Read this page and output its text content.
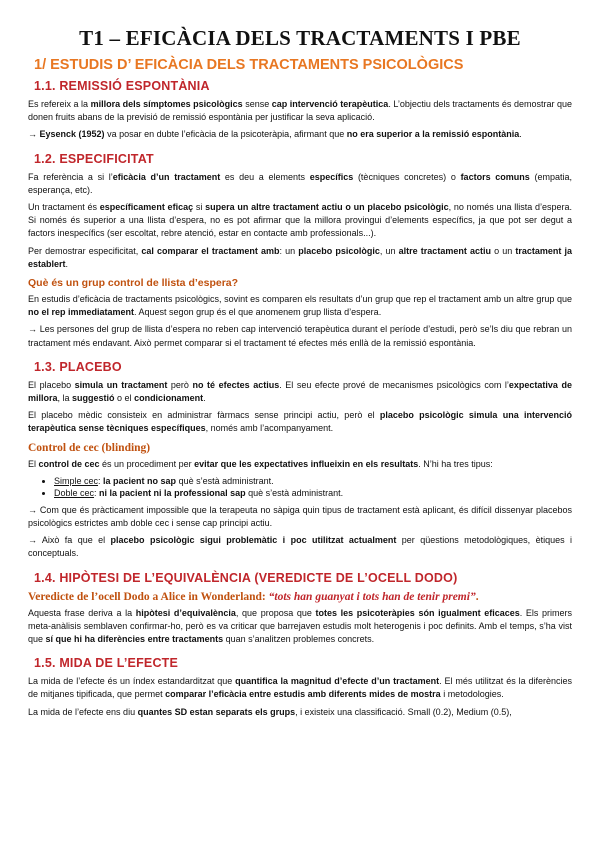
T1 – EFICÀCIA DELS TRACTAMENTS I PBE
1/ ESTUDIS D’ EFICÀCIA DELS TRACTAMENTS PSICOLÒGICS
1.1. REMISSIÓ ESPONTÀNIA

Es refereix a la millora dels símptomes psicològics sense cap intervenció terapèutica. L’objectiu dels tractaments és demostrar que donen fruits abans de la previsió de remissió espontània per justificar la seva aplicació.

→ Eysenck (1952) va posar en dubte l’eficàcia de la psicoteràpia, afirmant que no era superior a la remissió espontània.

1.2. ESPECIFICITAT

Fa referència a si l’eficàcia d’un tractament es deu a elements específics (tècniques concretes) o factors comuns (empatia, esperança, etc).

Un tractament és específicament eficaç si supera un altre tractament actiu o un placebo psicològic, no només una llista d’espera. Si només és superior a una llista d’espera, no es pot afirmar que la millora provingui d’elements específics, ja que pot ser degut a factors inespecífics (ser escoltat, rebre atenció, estar en contacte amb professionals...).

Per demostrar especificitat, cal comparar el tractament amb: un placebo psicològic, un altre tractament actiu o un tractament ja establert.

Què és un grup control de llista d’espera?

En estudis d’eficàcia de tractaments psicològics, sovint es comparen els resultats d’un grup que rep el tractament amb un altre grup que no el rep immediatament. Aquest segon grup és el que anomenem grup llista d’espera.

→ Les persones del grup de llista d’espera no reben cap intervenció terapèutica durant el període d’estudi, però se’ls diu que rebran un tractament més endavant. Això permet comparar si el tractament té efectes més enllà de la remissió espontània.

1.3. PLACEBO

El placebo simula un tractament però no té efectes actius. El seu efecte prové de mecanismes psicològics com l’expectativa de millora, la suggestió o el condicionament.

El placebo mèdic consisteix en administrar fàrmacs sense principi actiu, però el placebo psicològic simula una intervenció terapèutica sense tècniques específiques, només amb l’acompanyament.

Control de cec (blinding)

El control de cec és un procediment per evitar que les expectatives influeixin en els resultats. N’hi ha tres tipus:

• Simple cec: la pacient no sap què s’està administrant.
• Doble cec: ni la pacient ni la professional sap què s’està administrant.

→ Com que és pràcticament impossible que la terapeuta no sàpiga quin tipus de tractament està aplicant, és difícil dissenyar placebos psicològics estrictes amb doble cec i sense cap principi actiu.

→ Això fa que el placebo psicològic sigui problemàtic i poc utilitzat actualment per qüestions metodològiques, ètiques i conceptuals.

1.4. HIPÒTESI DE L’EQUIVALÈNCIA (VEREDICTE DE L’OCELL DODO)
Veredicte de l’ocell Dodo a Alice in Wonderland: “tots han guanyat i tots han de tenir premi”.

Aquesta frase deriva a la hipòtesi d’equivalència, que proposa que totes les psicoteràpies són igualment eficaces. Els primers meta-anàlisis semblaven confirmar-ho, però es va criticar que barrejaven estudis molt heterogenis i poc definits. Amb el temps, s’ha vist que sí que hi ha diferències entre tractaments quan s’analitzen problemes concrets.

1.5. MIDA DE L’EFECTE

La mida de l’efecte és un índex estandarditzat que quantifica la magnitud d’efecte d’un tractament. El més utilitzat és la diferències de mitjanes tipificada, que permet comparar l’eficàcia entre estudis amb diferents mides de mostra i metodologies.

La mida de l’efecte ens diu quantes SD estan separats els grups, i existeix una classificació. Small (0.2), Medium (0.5),
